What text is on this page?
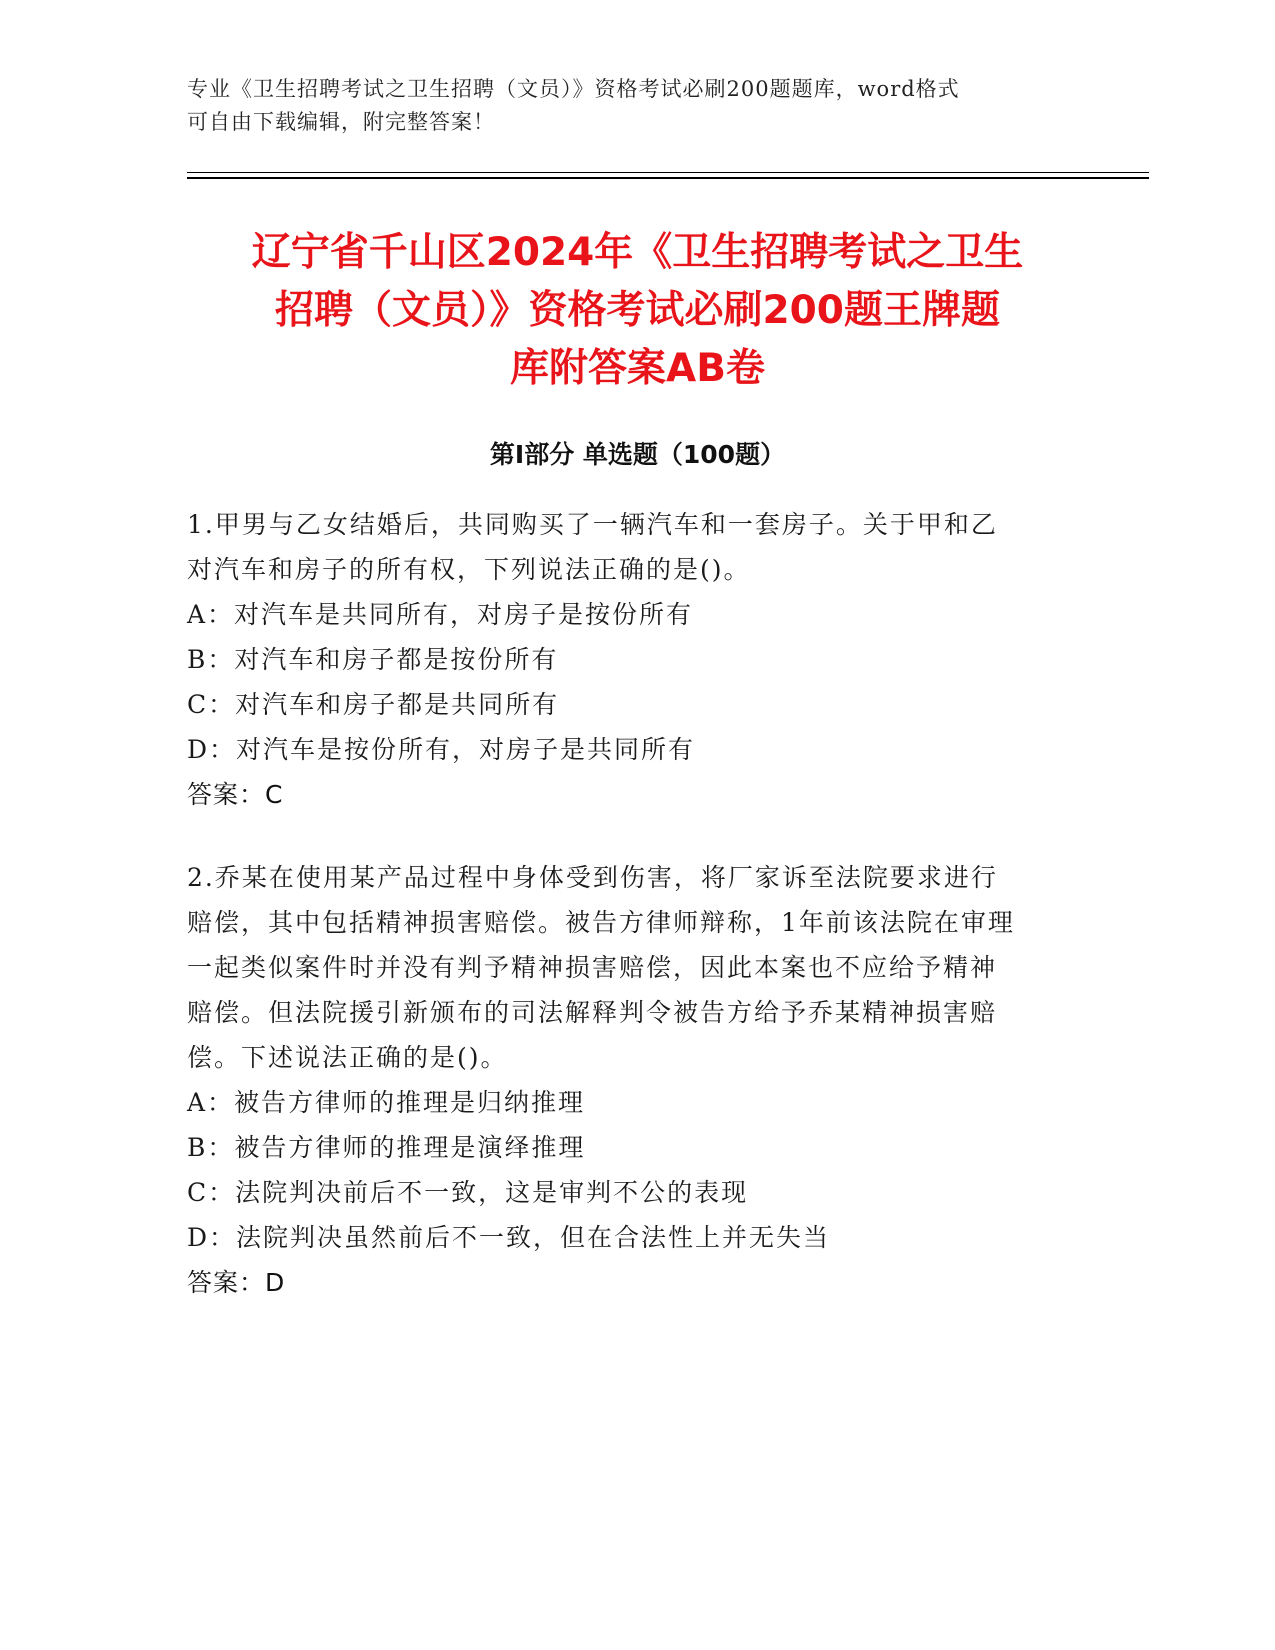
专业《卫生招聘考试之卫生招聘（文员）》资格考试必刷200题题库，word格式
可自由下载编辑，附完整答案！
辽宁省千山区2024年《卫生招聘考试之卫生
招聘（文员）》资格考试必刷200题王牌题
库附答案AB卷
第I部分 单选题（100题）

1.甲男与乙女结婚后，共同购买了一辆汽车和一套房子。关于甲和乙

对汽车和房子的所有权，下列说法正确的是()。

A：对汽车是共同所有，对房子是按份所有

B：对汽车和房子都是按份所有

C：对汽车和房子都是共同所有

D：对汽车是按份所有，对房子是共同所有

答案：C

2.乔某在使用某产品过程中身体受到伤害，将厂家诉至法院要求进行

赔偿，其中包括精神损害赔偿。被告方律师辩称，1年前该法院在审理

一起类似案件时并没有判予精神损害赔偿，因此本案也不应给予精神

赔偿。但法院援引新颁布的司法解释判令被告方给予乔某精神损害赔

偿。下述说法正确的是()。

A：被告方律师的推理是归纳推理

B：被告方律师的推理是演绎推理

C：法院判决前后不一致，这是审判不公的表现

D：法院判决虽然前后不一致，但在合法性上并无失当

答案：D
